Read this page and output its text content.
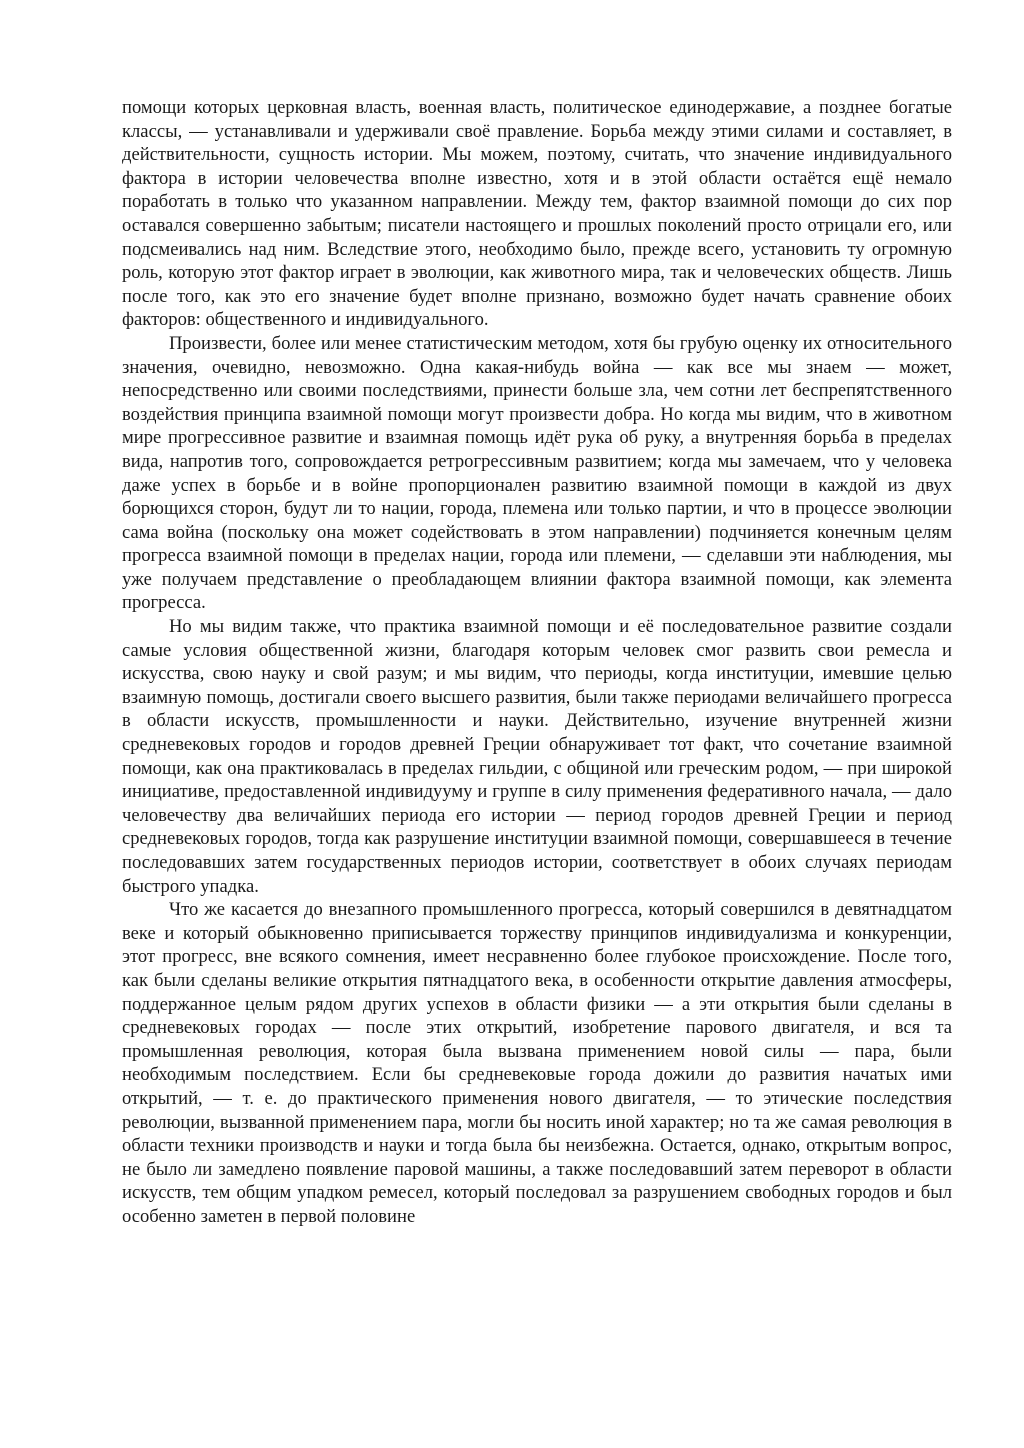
помощи которых церковная власть, военная власть, политическое единодержавие, а позднее богатые классы, — устанавливали и удерживали своё правление. Борьба между этими силами и составляет, в действительности, сущность истории. Мы можем, поэтому, считать, что значение индивидуального фактора в истории человечества вполне известно, хотя и в этой области остаётся ещё немало поработать в только что указанном направлении. Между тем, фактор взаимной помощи до сих пор оставался совершенно забытым; писатели настоящего и прошлых поколений просто отрицали его, или подсмеивались над ним. Вследствие этого, необходимо было, прежде всего, установить ту огромную роль, которую этот фактор играет в эволюции, как животного мира, так и человеческих обществ. Лишь после того, как это его значение будет вполне признано, возможно будет начать сравнение обоих факторов: общественного и индивидуального.

Произвести, более или менее статистическим методом, хотя бы грубую оценку их относительного значения, очевидно, невозможно. Одна какая-нибудь война — как все мы знаем — может, непосредственно или своими последствиями, принести больше зла, чем сотни лет беспрепятственного воздействия принципа взаимной помощи могут произвести добра. Но когда мы видим, что в животном мире прогрессивное развитие и взаимная помощь идёт рука об руку, а внутренняя борьба в пределах вида, напротив того, сопровождается ретрогрессивным развитием; когда мы замечаем, что у человека даже успех в борьбе и в войне пропорционален развитию взаимной помощи в каждой из двух борющихся сторон, будут ли то нации, города, племена или только партии, и что в процессе эволюции сама война (поскольку она может содействовать в этом направлении) подчиняется конечным целям прогресса взаимной помощи в пределах нации, города или племени, — сделавши эти наблюдения, мы уже получаем представление о преобладающем влиянии фактора взаимной помощи, как элемента прогресса.

Но мы видим также, что практика взаимной помощи и её последовательное развитие создали самые условия общественной жизни, благодаря которым человек смог развить свои ремесла и искусства, свою науку и свой разум; и мы видим, что периоды, когда институции, имевшие целью взаимную помощь, достигали своего высшего развития, были также периодами величайшего прогресса в области искусств, промышленности и науки. Действительно, изучение внутренней жизни средневековых городов и городов древней Греции обнаруживает тот факт, что сочетание взаимной помощи, как она практиковалась в пределах гильдии, с общиной или греческим родом, — при широкой инициативе, предоставленной индивидууму и группе в силу применения федеративного начала, — дало человечеству два величайших периода его истории — период городов древней Греции и период средневековых городов, тогда как разрушение институции взаимной помощи, совершавшееся в течение последовавших затем государственных периодов истории, соответствует в обоих случаях периодам быстрого упадка.

Что же касается до внезапного промышленного прогресса, который совершился в девятнадцатом веке и который обыкновенно приписывается торжеству принципов индивидуализма и конкуренции, этот прогресс, вне всякого сомнения, имеет несравненно более глубокое происхождение. После того, как были сделаны великие открытия пятнадцатого века, в особенности открытие давления атмосферы, поддержанное целым рядом других успехов в области физики — а эти открытия были сделаны в средневековых городах — после этих открытий, изобретение парового двигателя, и вся та промышленная революция, которая была вызвана применением новой силы — пара, были необходимым последствием. Если бы средневековые города дожили до развития начатых ими открытий, — т. е. до практического применения нового двигателя, — то этические последствия революции, вызванной применением пара, могли бы носить иной характер; но та же самая революция в области техники производств и науки и тогда была бы неизбежна. Остается, однако, открытым вопрос, не было ли замедлено появление паровой машины, а также последовавший затем переворот в области искусств, тем общим упадком ремесел, который последовал за разрушением свободных городов и был особенно заметен в первой половине
